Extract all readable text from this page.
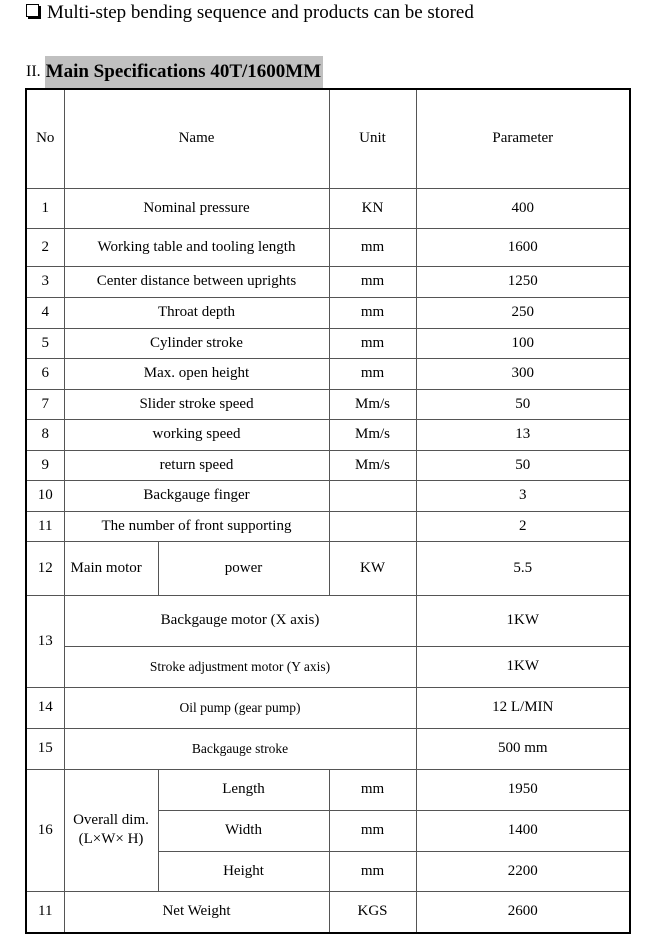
Multi-step bending sequence and products can be stored
II. Main Specifications 40T/1600MM
No	Name		Unit	Parameter
1	Nominal pressure		KN	400
2	Working table and tooling length		mm	1600
3	Center distance between uprights		mm	1250
4	Throat depth		mm	250
5	Cylinder stroke		mm	100
6	Max. open height		mm	300
7	Slider stroke speed		Mm/s	50
8	working speed		Mm/s	13
9	return speed		Mm/s	50
10	Backgauge finger			3
11	The number of front supporting			2
12	Main motor	power	KW	5.5
13	Backgauge motor (X axis)			1KW
	Stroke adjustment motor (Y axis)			1KW
14	Oil pump (gear pump)			12 L/MIN
15	Backgauge stroke			500 mm
16	Overall dim.(L×W× H)	Length	mm	1950
		Width	mm	1400
		Height	mm	2200
11	Net Weight		KGS	2600
